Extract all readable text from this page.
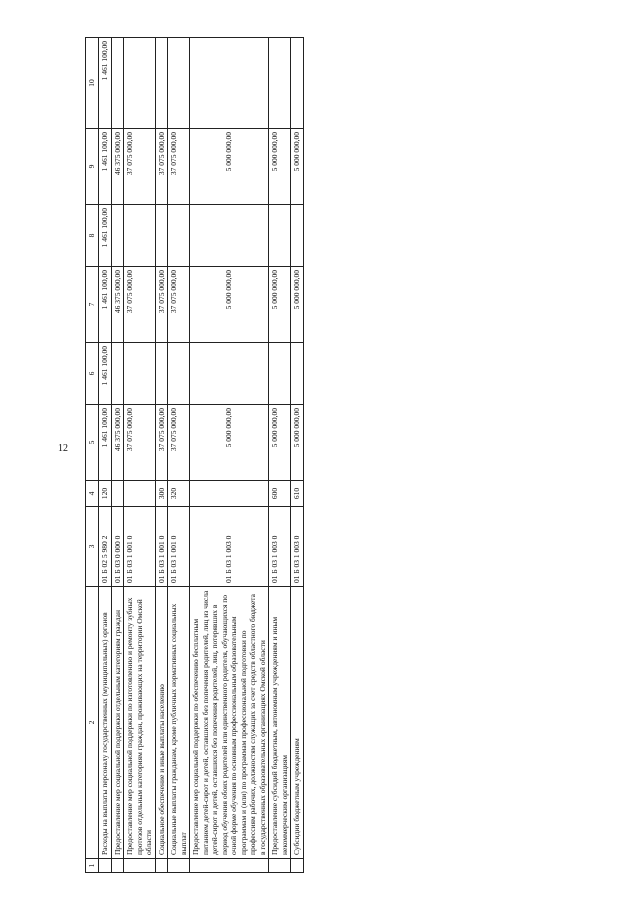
12
1	2	3	4	5	6	7	8	9	10
	Расходы на выплаты персоналу государственных (муниципальных) органов	01 Б 02 5 980 2	120	1 461 100,00	1 461 100,00	1 461 100,00	1 461 100,00	1 461 100,00	1 461 100,00
	Предоставление мер социальной поддержки отдельным категориям граждан	01 Б 03 0 000 0		46 375 000,00		46 375 000,00		46 375 000,00	
	Предоставление мер социальной поддержки по изготовлению и ремонту зубных протезов отдельным категориям граждан, проживающих на территории Омской области	01 Б 03 1 001 0		37 075 000,00		37 075 000,00		37 075 000,00	
	Социальное обеспечение и иные выплаты населению	01 Б 03 1 001 0	300	37 075 000,00		37 075 000,00		37 075 000,00	
	Социальные выплаты гражданам, кроме публичных нормативных социальных выплат	01 Б 03 1 001 0	320	37 075 000,00		37 075 000,00		37 075 000,00	
	Предоставление мер социальной поддержки по обеспечению бесплатным питанием детей-сирот и детей, оставшихся без попечения родителей, лиц из числа детей-сирот и детей, оставшихся без попечения родителей, лиц, потерявших в период обучения обоих родителей или единственного родителя, обучающихся по очной форме обучения по основным профессиональным образовательным программам и (или) по программам профессиональной подготовки по профессиям рабочих, должностям служащих за счет средств областного бюджета в государственных образовательных организациях Омской области	01 Б 03 1 003 0		5 000 000,00		5 000 000,00		5 000 000,00	
	Предоставление субсидий бюджетным, автономным учреждениям и иным некоммерческим организациям	01 Б 03 1 003 0	600	5 000 000,00		5 000 000,00		5 000 000,00	
	Субсидии бюджетным учреждениям	01 Б 03 1 003 0	610	5 000 000,00		5 000 000,00		5 000 000,00	
